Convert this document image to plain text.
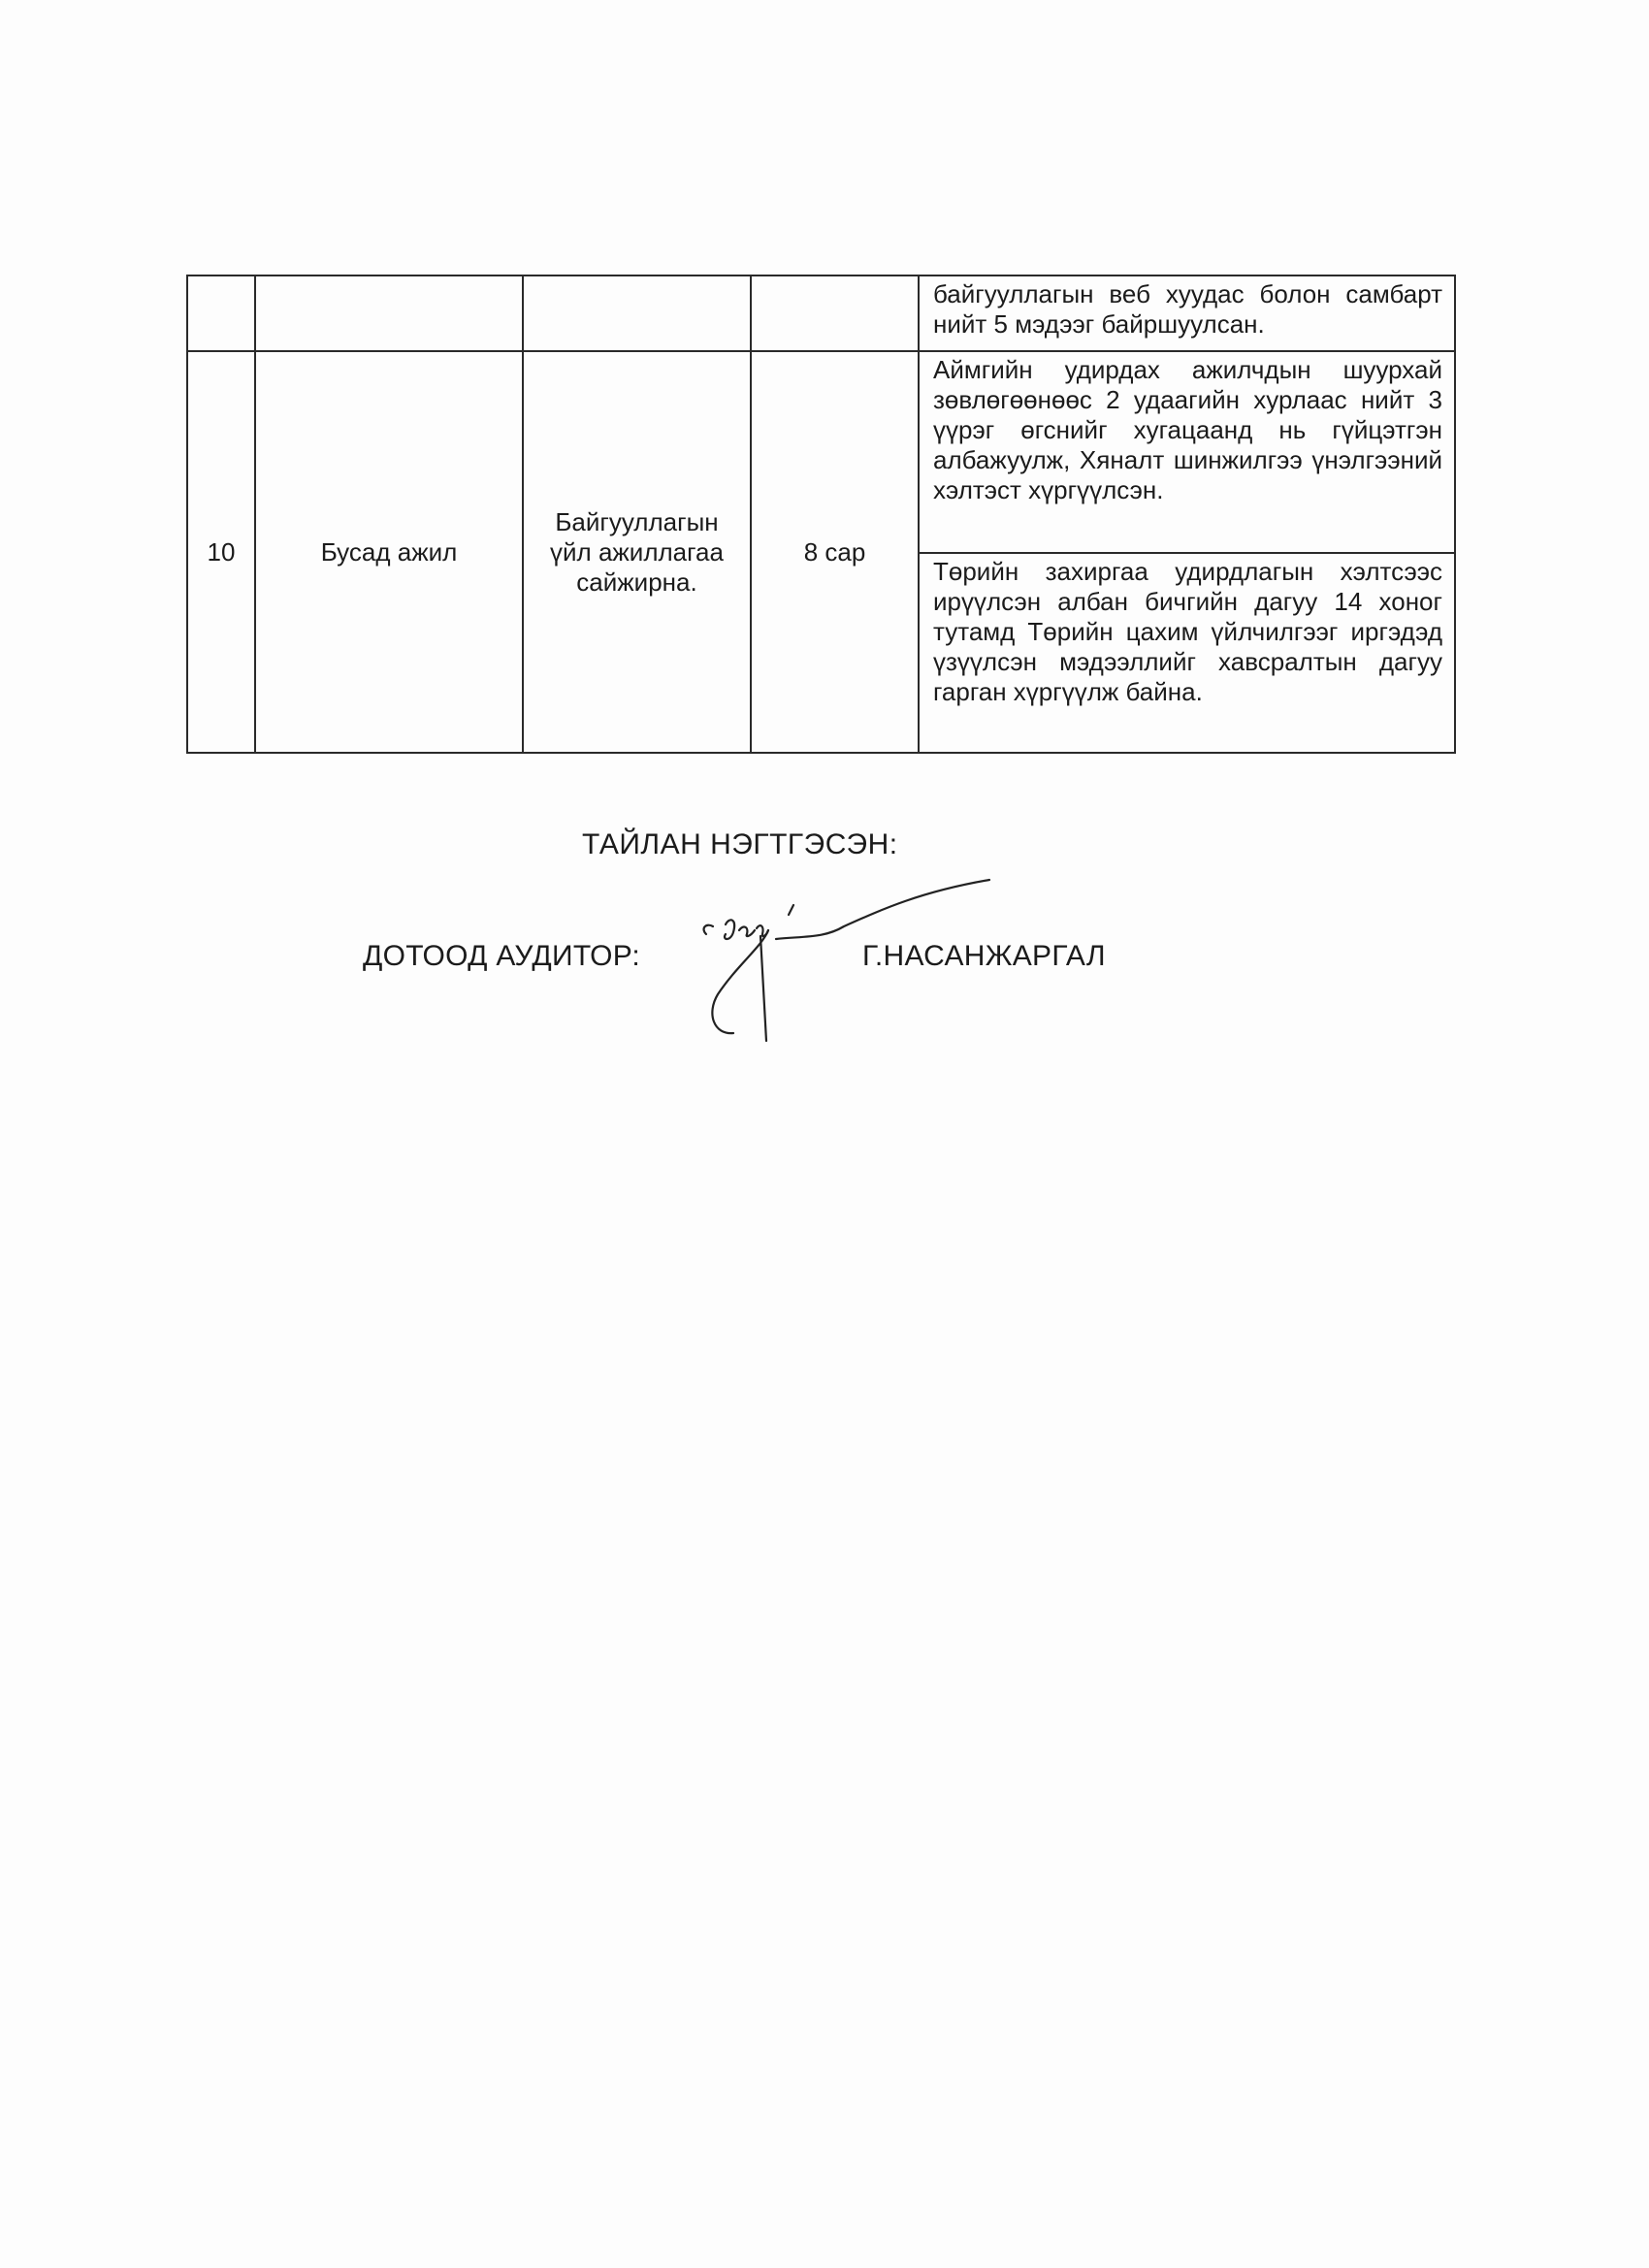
				байгууллагын веб хуудас болон самбарт нийт 5 мэдээг байршуулсан.
10	Бусад ажил	Байгууллагын үйл ажиллагаа сайжирна.	8 сар	Аймгийн удирдах ажилчдын шуурхай зөвлөгөөнөөс 2 удаагийн хурлаас нийт 3 үүрэг өгснийг хугацаанд нь гүйцэтгэн албажуулж, Хяналт шинжилгээ үнэлгээний хэлтэст хүргүүлсэн.
				Төрийн захиргаа удирдлагын хэлтсээс ирүүлсэн албан бичгийн дагуу 14 хоног тутамд Төрийн цахим үйлчилгээг иргэдэд үзүүлсэн мэдээллийг хавсралтын дагуу гарган хүргүүлж байна.
ТАЙЛАН НЭГТГЭСЭН:
ДОТООД АУДИТОР:	Г.НАСАНЖАРГАЛ
